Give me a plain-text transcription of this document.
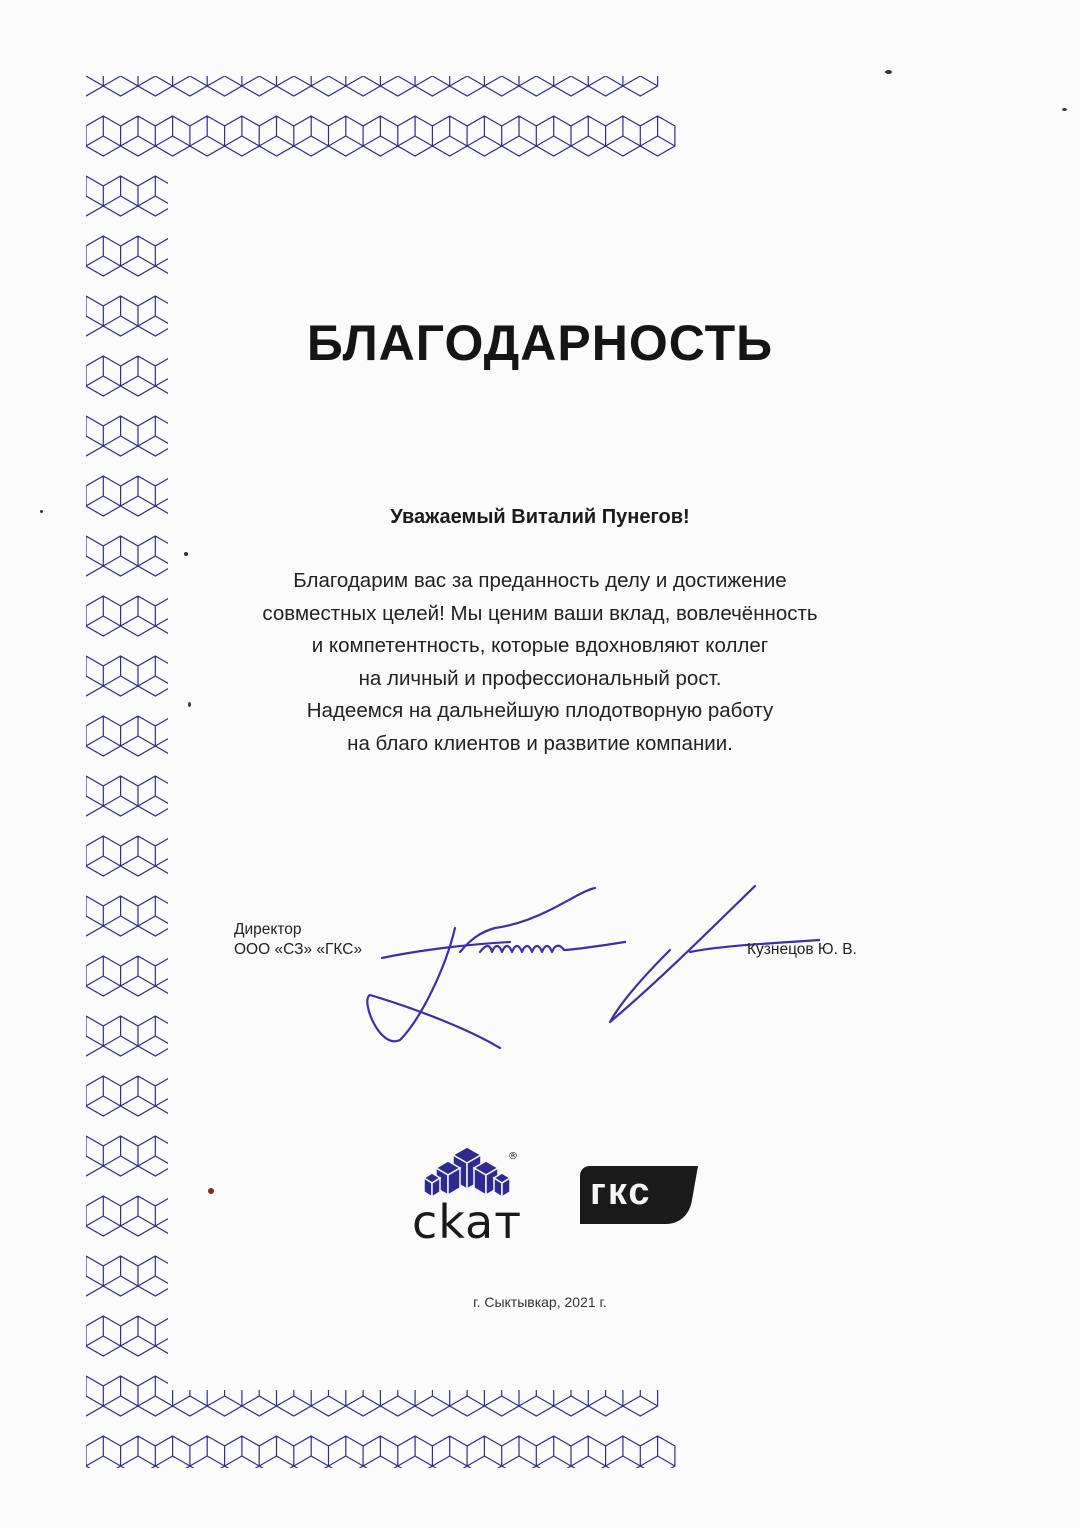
БЛАГОДАРНОСТЬ
Уважаемый Виталий Пунегов!
Благодарим вас за преданность делу и достижение
совместных целей! Мы ценим ваши вклад, вовлечённость
и компетентность, которые вдохновляют коллег
на личный и профессиональный рост.
Надеемся на дальнейшую плодотворную работу
на благо клиентов и развитие компании.
Директор
ООО «СЗ» «ГКС»	Кузнецов Ю. В.
®
ckaт
гкс
г. Сыктывкар, 2021 г.
